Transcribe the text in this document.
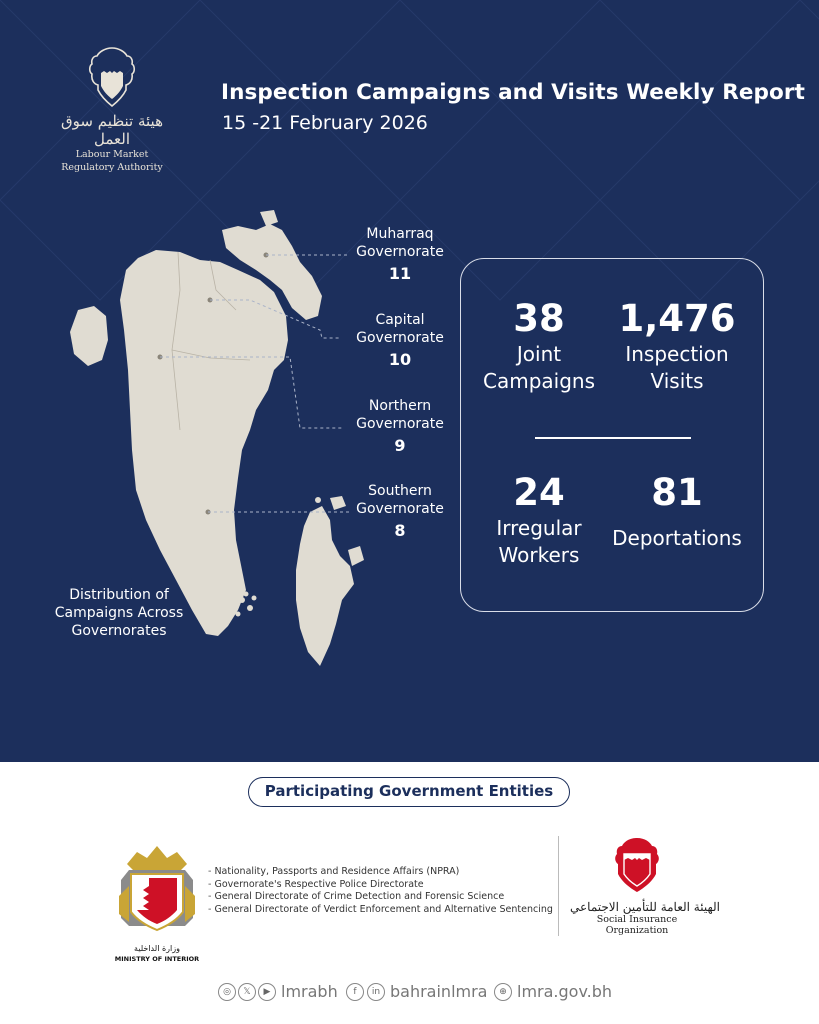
هيئة تنظيم سوق العمل
Labour Market
Regulatory Authority
Inspection Campaigns and Visits Weekly Report
15 -21 February 2026
Muharraq
Governorate
11
Capital
Governorate
10
Northern
Governorate
9
Southern
Governorate
8
Distribution of
Campaigns Across
Governorates
38
Joint
Campaigns
1,476
Inspection
Visits
24
Irregular
Workers
81
Deportations
Participating Government Entities
وزارة الداخلية
MINISTRY OF INTERIOR
- Nationality, Passports and Residence Affairs (NPRA)
- Governorate's Respective Police Directorate
- General Directorate of Crime Detection and Forensic Science
- General Directorate of Verdict Enforcement and Alternative Sentencing الهيئة العامة للتأمين الاجتماعي
Social Insurance Organization
◎	𝕏	▶ lmrabh	f	in bahrainlmra	⊕ lmra.gov.bh
